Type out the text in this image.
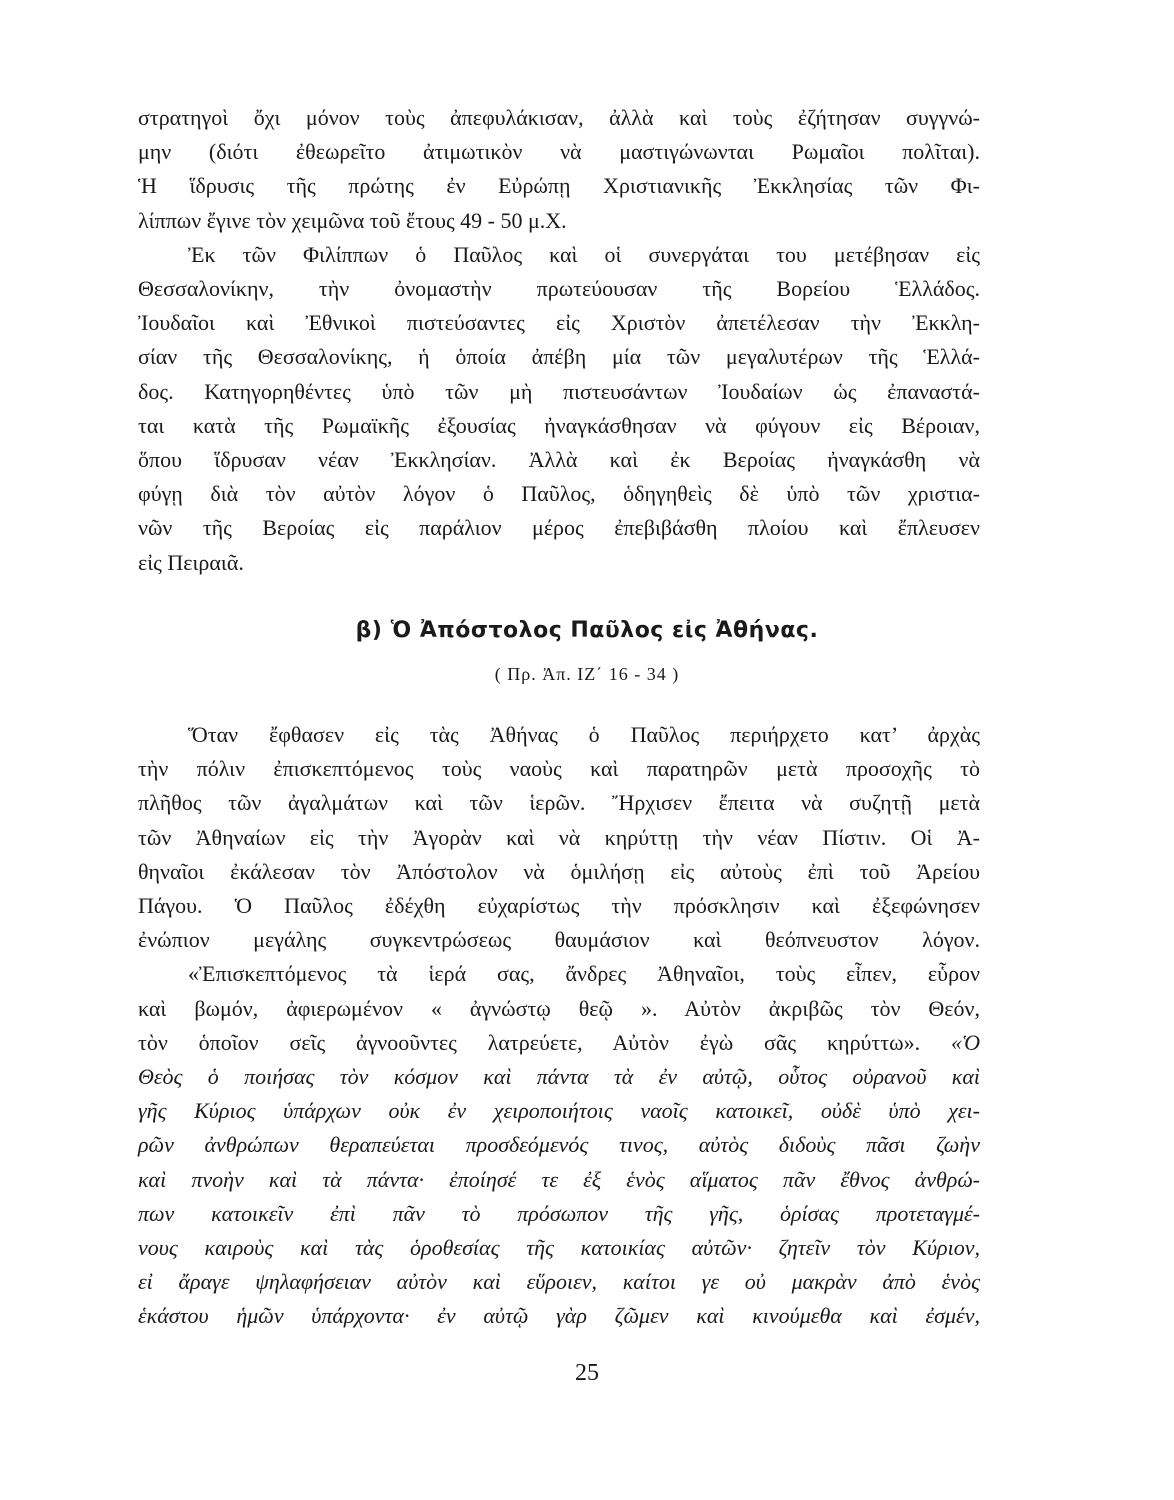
στρατηγοὶ ὄχι μόνον τοὺς ἀπεφυλάκισαν, ἀλλὰ καὶ τοὺς ἐζήτησαν συγγνώ-
μην (διότι ἐθεωρεῖτο ἀτιμωτικὸν νὰ μαστιγώνωνται Ρωμαῖοι πολῖται).
Ἡ ἵδρυσις τῆς πρώτης ἐν Εὐρώπῃ Χριστιανικῆς Ἐκκλησίας τῶν Φι-
λίππων ἔγινε τὸν χειμῶνα τοῦ ἔτους 49 - 50 μ.Χ.
Ἐκ τῶν Φιλίππων ὁ Παῦλος καὶ οἱ συνεργάται του μετέβησαν εἰς
Θεσσαλονίκην, τὴν ὀνομαστὴν πρωτεύουσαν τῆς Βορείου Ἑλλάδος.
Ἰουδαῖοι καὶ Ἐθνικοὶ πιστεύσαντες εἰς Χριστὸν ἀπετέλεσαν τὴν Ἐκκλη-
σίαν τῆς Θεσσαλονίκης, ἡ ὁποία ἀπέβη μία τῶν μεγαλυτέρων τῆς Ἑλλά-
δος. Κατηγορηθέντες ὑπὸ τῶν μὴ πιστευσάντων Ἰουδαίων ὡς ἐπαναστά-
ται κατὰ τῆς Ρωμαϊκῆς ἐξουσίας ἠναγκάσθησαν νὰ φύγουν εἰς Βέροιαν,
ὅπου ἵδρυσαν νέαν Ἐκκλησίαν. Ἀλλὰ καὶ ἐκ Βεροίας ἠναγκάσθη νὰ
φύγῃ διὰ τὸν αὐτὸν λόγον ὁ Παῦλος, ὁδηγηθεὶς δὲ ὑπὸ τῶν χριστια-
νῶν τῆς Βεροίας εἰς παράλιον μέρος ἐπεβιβάσθη πλοίου καὶ ἔπλευσεν
εἰς Πειραιᾶ.
β) Ὁ Ἀπόστολος Παῦλος εἰς Ἀθήνας.
( Πρ. Ἀπ. ΙΖ΄ 16 - 34 )
Ὅταν ἔφθασεν εἰς τὰς Ἀθήνας ὁ Παῦλος περιήρχετο κατ’ ἀρχὰς
τὴν πόλιν ἐπισκεπτόμενος τοὺς ναοὺς καὶ παρατηρῶν μετὰ προσοχῆς τὸ
πλῆθος τῶν ἀγαλμάτων καὶ τῶν ἱερῶν. Ἤρχισεν ἔπειτα νὰ συζητῇ μετὰ
τῶν Ἀθηναίων εἰς τὴν Ἀγορὰν καὶ νὰ κηρύττῃ τὴν νέαν Πίστιν. Οἱ Ἀ-
θηναῖοι ἐκάλεσαν τὸν Ἀπόστολον νὰ ὁμιλήσῃ εἰς αὐτοὺς ἐπὶ τοῦ Ἀρείου
Πάγου. Ὁ Παῦλος ἐδέχθη εὐχαρίστως τὴν πρόσκλησιν καὶ ἐξεφώνησεν
ἐνώπιον μεγάλης συγκεντρώσεως θαυμάσιον καὶ θεόπνευστον λόγον.
«Ἐπισκεπτόμενος τὰ ἱερά σας, ἄνδρες Ἀθηναῖοι, τοὺς εἶπεν, εὗρον
καὶ βωμόν, ἀφιερωμένον « ἀγνώστῳ θεῷ ». Αὐτὸν ἀκριβῶς τὸν Θεόν,
τὸν ὁποῖον σεῖς ἀγνοοῦντες λατρεύετε, Αὐτὸν ἐγὼ σᾶς κηρύττω». «Ὁ
Θεὸς ὁ ποιήσας τὸν κόσμον καὶ πάντα τὰ ἐν αὐτῷ, οὗτος οὐρανοῦ καὶ
γῆς Κύριος ὑπάρχων οὐκ ἐν χειροποιήτοις ναοῖς κατοικεῖ, οὐδὲ ὑπὸ χει-
ρῶν ἀνθρώπων θεραπεύεται προσδεόμενός τινος, αὐτὸς διδοὺς πᾶσι ζωὴν
καὶ πνοὴν καὶ τὰ πάντα· ἐποίησέ τε ἐξ ἑνὸς αἵματος πᾶν ἔθνος ἀνθρώ-
πων κατοικεῖν ἐπὶ πᾶν τὸ πρόσωπον τῆς γῆς, ὁρίσας προτεταγμέ-
νους καιροὺς καὶ τὰς ὁροθεσίας τῆς κατοικίας αὐτῶν· ζητεῖν τὸν Κύριον,
εἰ ἄραγε ψηλαφήσειαν αὐτὸν καὶ εὕροιεν, καίτοι γε οὐ μακρὰν ἀπὸ ἑνὸς
ἑκάστου ἡμῶν ὑπάρχοντα· ἐν αὐτῷ γὰρ ζῶμεν καὶ κινούμεθα καὶ ἐσμέν,
25
